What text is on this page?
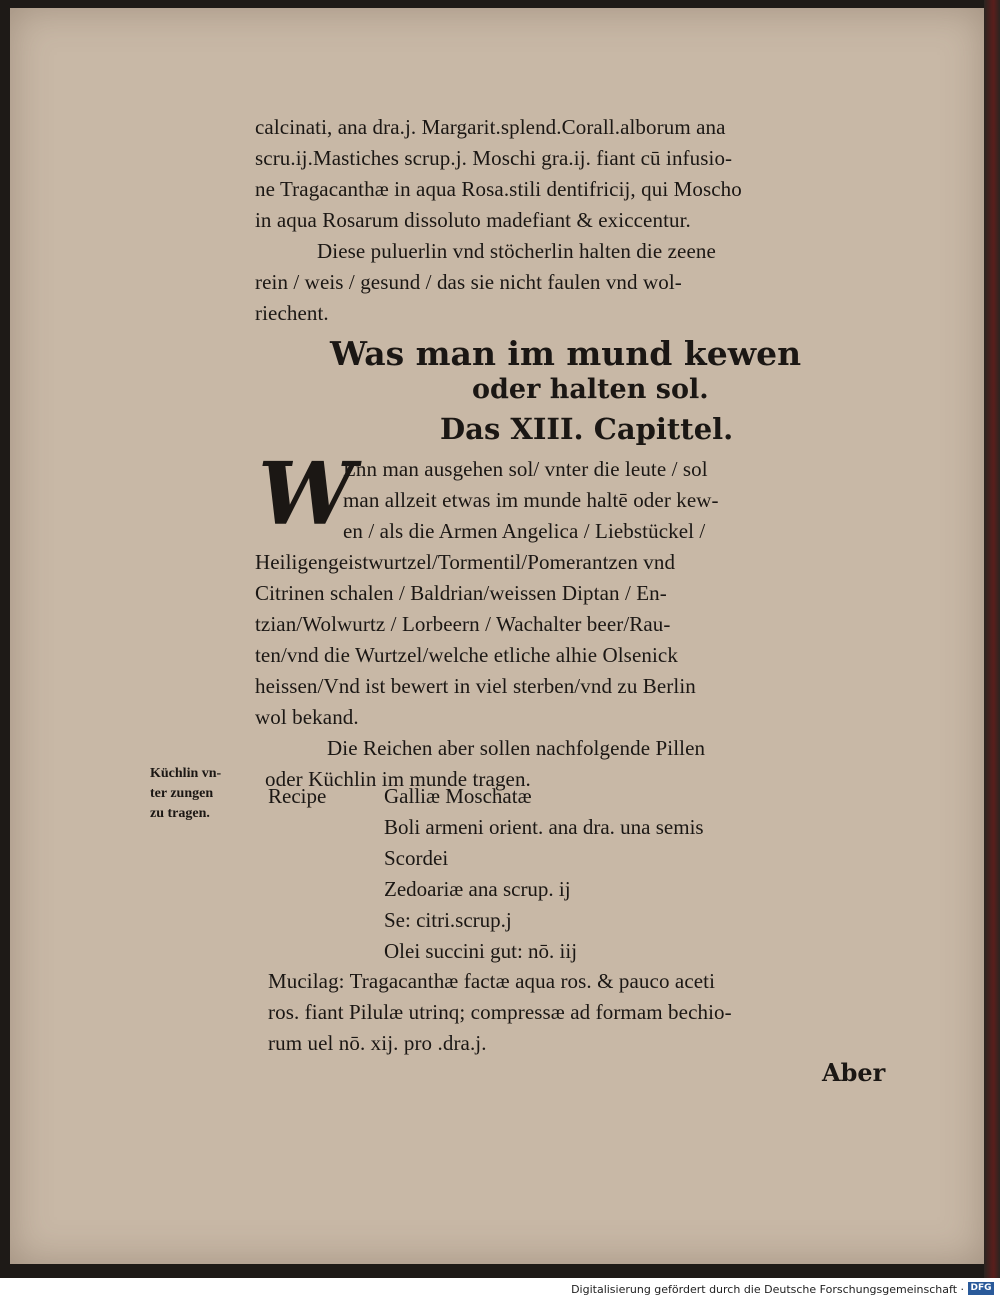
calcinati, ana dra.j. Margarit.splend.Corall.alborum ana
scru.ij.Mastiches scrup.j. Moschi gra.ij. fiant cū infusio-
ne Tragacanthæ in aqua Rosa.stili dentifricij, qui Moscho
in aqua Rosarum dissoluto madefiant & exiccentur.
Diese puluerlin vnd stöcherlin halten die zeene
rein / weis / gesund / das sie nicht faulen vnd wol-
riechent.
Was man im mund kewen
oder halten sol.
Das XIII. Capittel.
W
Enn man ausgehen sol/ vnter die leute / sol
man allzeit etwas im munde haltē oder kew-
en / als die Armen Angelica / Liebstückel /
Heiligengeistwurtzel/Tormentil/Pomerantzen vnd
Citrinen schalen / Baldrian/weissen Diptan / En-
tzian/Wolwurtz / Lorbeern / Wachalter beer/Rau-
ten/vnd die Wurtzel/welche etliche alhie Olsenick
heissen/Vnd ist bewert in viel sterben/vnd zu Berlin
wol bekand.
Die Reichen aber sollen nachfolgende Pillen
oder Küchlin im munde tragen.
Küchlin vn-
ter zungen
zu tragen.
Recipe	Galliæ Moschatæ
Boli armeni orient. ana dra. una semis
Scordei
Zedoariæ ana scrup. ij
Se: citri.scrup.j
Olei succini gut: nō. iij
Mucilag: Tragacanthæ factæ aqua ros. & pauco aceti
ros. fiant Pilulæ utrinq; compressæ ad formam bechio-
rum uel nō. xij. pro .dra.j.
Aber
Digitalisierung gefördert durch die Deutsche Forschungsgemeinschaft · DFG
